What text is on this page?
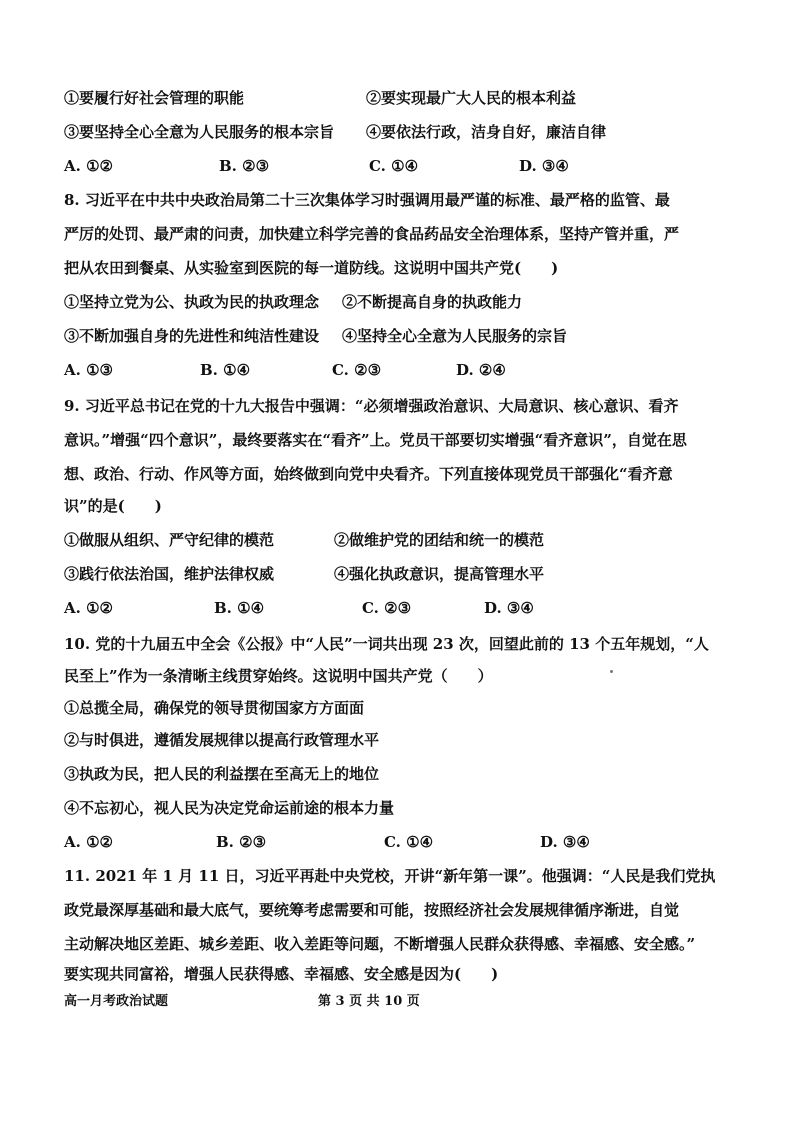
①要履行好社会管理的职能	②要实现最广大人民的根本利益
③要坚持全心全意为人民服务的根本宗旨 ④要依法行政，洁身自好，廉洁自律
A. ①②	B. ②③	C. ①④	D. ③④
8. 习近平在中共中央政治局第二十三次集体学习时强调用最严谨的标准、最严格的监管、最
严厉的处罚、最严肃的问责，加快建立科学完善的食品药品安全治理体系，坚持产管并重，严
把从农田到餐桌、从实验室到医院的每一道防线。这说明中国共产党(　　)
①坚持立党为公、执政为民的执政理念 ②不断提高自身的执政能力
③不断加强自身的先进性和纯洁性建设 ④坚持全心全意为人民服务的宗旨
A. ①③	B. ①④	C. ②③	D. ②④
9. 习近平总书记在党的十九大报告中强调：“必须增强政治意识、大局意识、核心意识、看齐
意识。”增强“四个意识”，最终要落实在“看齐”上。党员干部要切实增强“看齐意识”，自觉在思
想、政治、行动、作风等方面，始终做到向党中央看齐。下列直接体现党员干部强化“看齐意
识”的是(　　)
①做服从组织、严守纪律的模范	②做维护党的团结和统一的模范
③践行依法治国，维护法律权威	④强化执政意识，提高管理水平
A. ①②	B. ①④	C. ②③	D. ③④
10. 党的十九届五中全会《公报》中“人民”一词共出现 23 次，回望此前的 13 个五年规划，“人
民至上”作为一条清晰主线贯穿始终。这说明中国共产党（　　）
①总揽全局，确保党的领导贯彻国家方方面面
②与时俱进，遵循发展规律以提高行政管理水平
③执政为民，把人民的利益摆在至高无上的地位
④不忘初心，视人民为决定党命运前途的根本力量
A. ①②	B. ②③	C. ①④	D. ③④
11. 2021 年 1 月 11 日，习近平再赴中央党校，开讲“新年第一课”。他强调：“人民是我们党执
政党最深厚基础和最大底气，要统筹考虑需要和可能，按照经济社会发展规律循序渐进，自觉
主动解决地区差距、城乡差距、收入差距等问题，不断增强人民群众获得感、幸福感、安全感。”
要实现共同富裕，增强人民获得感、幸福感、安全感是因为(　　)
高一月考政治试题	第 3 页 共 10 页
